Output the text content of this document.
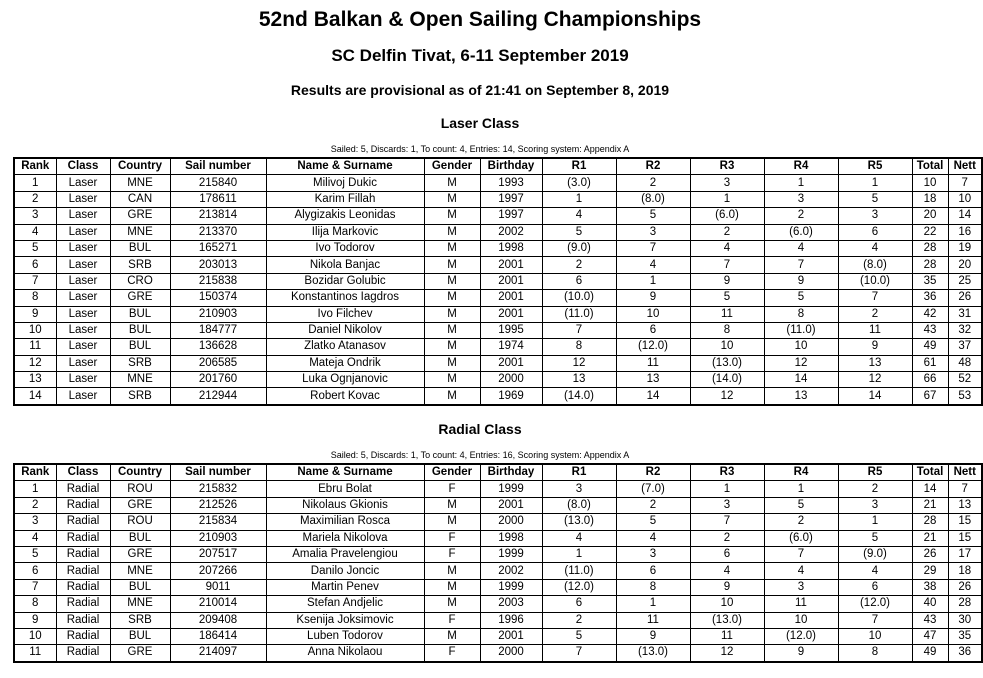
52nd Balkan & Open Sailing Championships
SC Delfin Tivat, 6-11 September 2019
Results are provisional as of 21:41 on September 8, 2019
Laser Class
Sailed: 5, Discards: 1, To count: 4, Entries: 14, Scoring system: Appendix A
Rank	Class	Country	Sail number	Name & Surname	Gender	Birthday	R1	R2	R3	R4	R5	Total	Nett
1	Laser	MNE	215840	Milivoj Dukic	M	1993	(3.0)	2	3	1	1	10	7
2	Laser	CAN	178611	Karim Fillah	M	1997	1	(8.0)	1	3	5	18	10
3	Laser	GRE	213814	Alygizakis Leonidas	M	1997	4	5	(6.0)	2	3	20	14
4	Laser	MNE	213370	Ilija Markovic	M	2002	5	3	2	(6.0)	6	22	16
5	Laser	BUL	165271	Ivo Todorov	M	1998	(9.0)	7	4	4	4	28	19
6	Laser	SRB	203013	Nikola Banjac	M	2001	2	4	7	7	(8.0)	28	20
7	Laser	CRO	215838	Bozidar Golubic	M	2001	6	1	9	9	(10.0)	35	25
8	Laser	GRE	150374	Konstantinos Iagdros	M	2001	(10.0)	9	5	5	7	36	26
9	Laser	BUL	210903	Ivo Filchev	M	2001	(11.0)	10	11	8	2	42	31
10	Laser	BUL	184777	Daniel Nikolov	M	1995	7	6	8	(11.0)	11	43	32
11	Laser	BUL	136628	Zlatko Atanasov	M	1974	8	(12.0)	10	10	9	49	37
12	Laser	SRB	206585	Mateja Ondrik	M	2001	12	11	(13.0)	12	13	61	48
13	Laser	MNE	201760	Luka Ognjanovic	M	2000	13	13	(14.0)	14	12	66	52
14	Laser	SRB	212944	Robert Kovac	M	1969	(14.0)	14	12	13	14	67	53
Radial Class
Sailed: 5, Discards: 1, To count: 4, Entries: 16, Scoring system: Appendix A
Rank	Class	Country	Sail number	Name & Surname	Gender	Birthday	R1	R2	R3	R4	R5	Total	Nett
1	Radial	ROU	215832	Ebru Bolat	F	1999	3	(7.0)	1	1	2	14	7
2	Radial	GRE	212526	Nikolaus Gkionis	M	2001	(8.0)	2	3	5	3	21	13
3	Radial	ROU	215834	Maximilian Rosca	M	2000	(13.0)	5	7	2	1	28	15
4	Radial	BUL	210903	Mariela Nikolova	F	1998	4	4	2	(6.0)	5	21	15
5	Radial	GRE	207517	Amalia Pravelengiou	F	1999	1	3	6	7	(9.0)	26	17
6	Radial	MNE	207266	Danilo Joncic	M	2002	(11.0)	6	4	4	4	29	18
7	Radial	BUL	9011	Martin Penev	M	1999	(12.0)	8	9	3	6	38	26
8	Radial	MNE	210014	Stefan Andjelic	M	2003	6	1	10	11	(12.0)	40	28
9	Radial	SRB	209408	Ksenija Joksimovic	F	1996	2	11	(13.0)	10	7	43	30
10	Radial	BUL	186414	Luben Todorov	M	2001	5	9	11	(12.0)	10	47	35
11	Radial	GRE	214097	Anna Nikolaou	F	2000	7	(13.0)	12	9	8	49	36
